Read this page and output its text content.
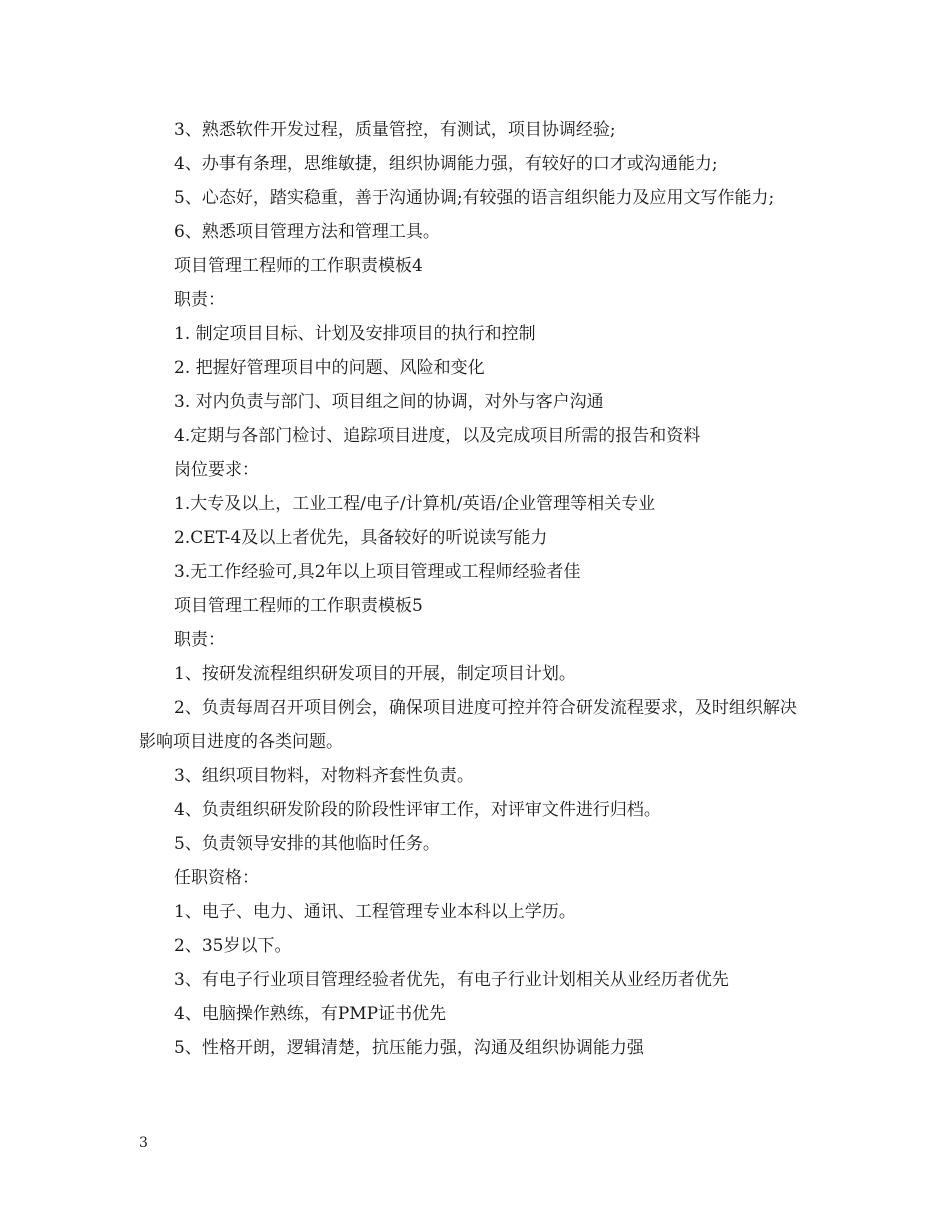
3、熟悉软件开发过程，质量管控，有测试，项目协调经验;

4、办事有条理，思维敏捷，组织协调能力强，有较好的口才或沟通能力;

5、心态好，踏实稳重，善于沟通协调;有较强的语言组织能力及应用文写作能力;

6、熟悉项目管理方法和管理工具。

项目管理工程师的工作职责模板4

职责：

1. 制定项目目标、计划及安排项目的执行和控制

2. 把握好管理项目中的问题、风险和变化

3. 对内负责与部门、项目组之间的协调，对外与客户沟通

4.定期与各部门检讨、追踪项目进度，以及完成项目所需的报告和资料

岗位要求：

1.大专及以上，工业工程/电子/计算机/英语/企业管理等相关专业

2.CET-4及以上者优先，具备较好的听说读写能力

3.无工作经验可,具2年以上项目管理或工程师经验者佳

项目管理工程师的工作职责模板5

职责：

1、按研发流程组织研发项目的开展，制定项目计划。

2、负责每周召开项目例会，确保项目进度可控并符合研发流程要求，及时组织解决影响项目进度的各类问题。

3、组织项目物料，对物料齐套性负责。

4、负责组织研发阶段的阶段性评审工作，对评审文件进行归档。

5、负责领导安排的其他临时任务。

任职资格：

1、电子、电力、通讯、工程管理专业本科以上学历。

2、35岁以下。

3、有电子行业项目管理经验者优先，有电子行业计划相关从业经历者优先

4、电脑操作熟练，有PMP证书优先

5、性格开朗，逻辑清楚，抗压能力强，沟通及组织协调能力强

3
